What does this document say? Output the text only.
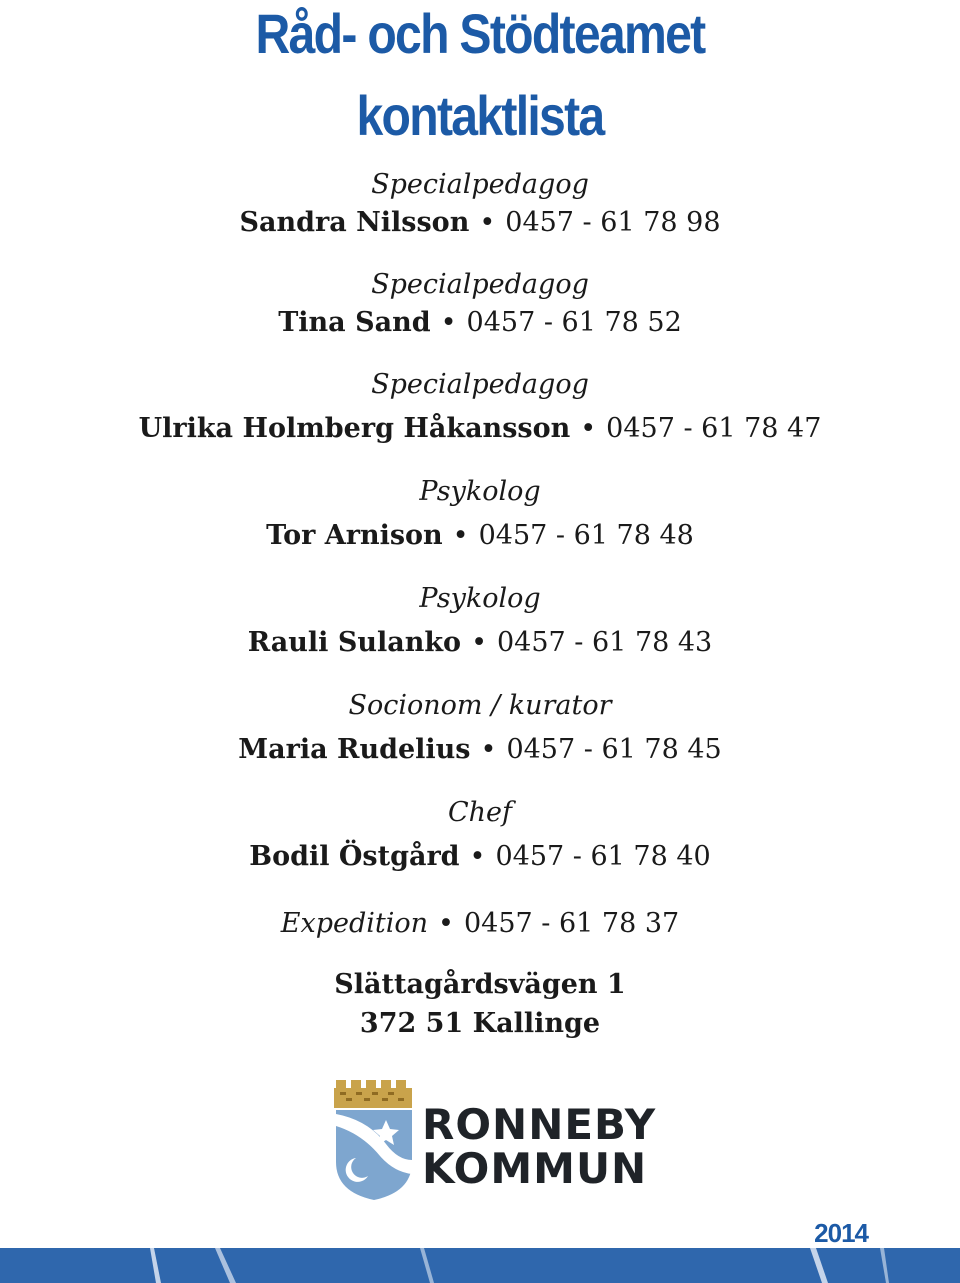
Råd- och Stödteamet
kontaktlista
Specialpedagog
Sandra Nilsson • 0457 - 61 78 98
Specialpedagog
Tina Sand • 0457 - 61 78 52
Specialpedagog
Ulrika Holmberg Håkansson • 0457 - 61 78 47
Psykolog
Tor Arnison • 0457 - 61 78 48
Psykolog
Rauli Sulanko • 0457 - 61 78 43
Socionom / kurator
Maria Rudelius • 0457 - 61 78 45
Chef
Bodil Östgård • 0457 - 61 78 40
Expedition • 0457 - 61 78 37
Slättagårdsvägen 1
372 51 Kallinge
RONNEBY
KOMMUN
2014
